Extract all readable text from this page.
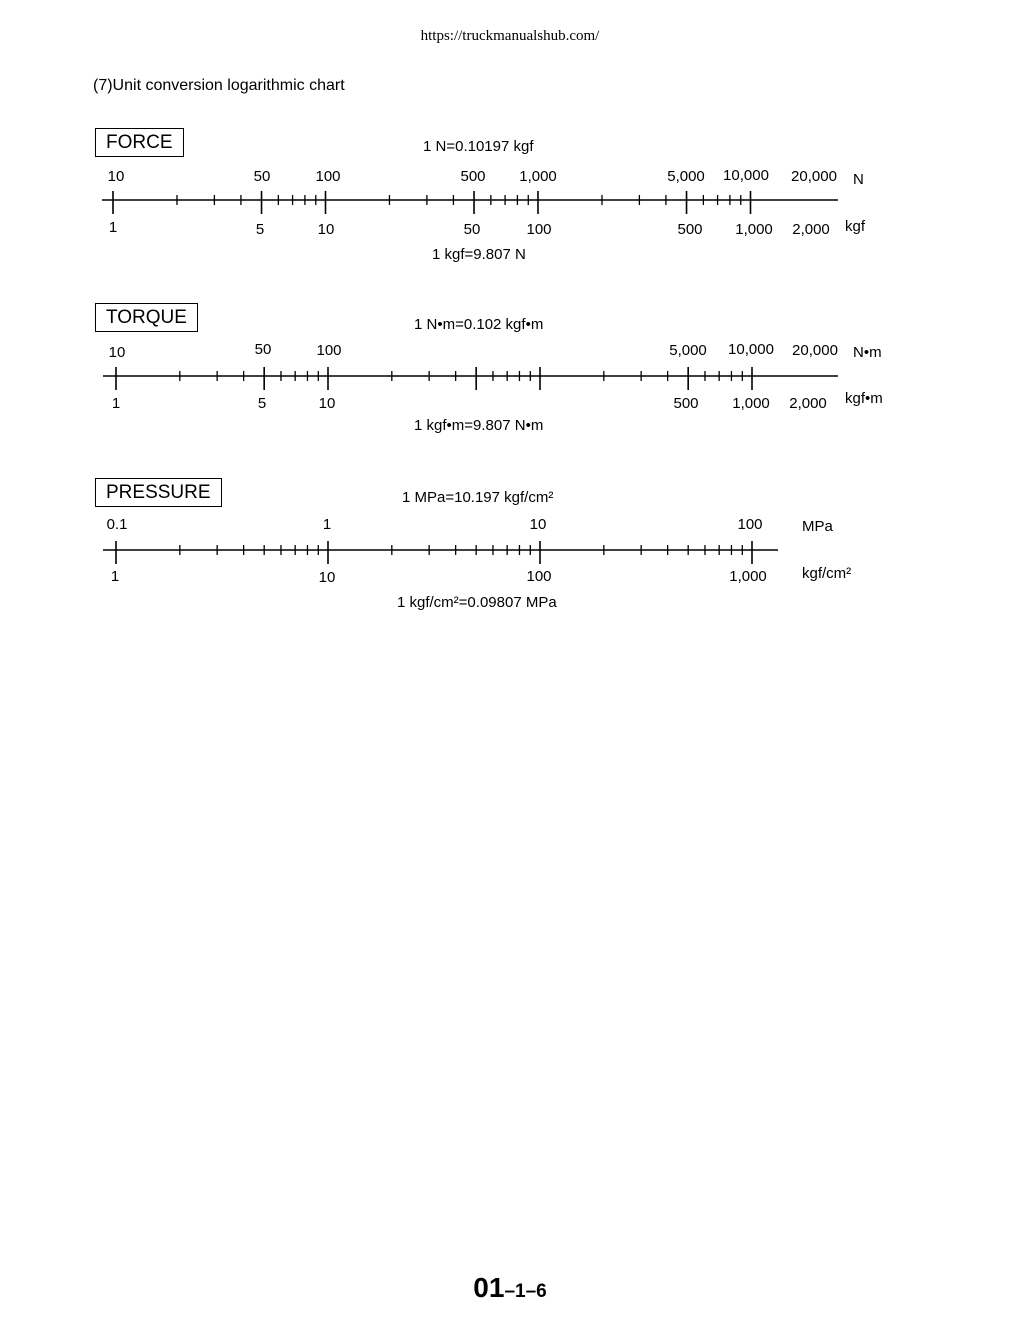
https://truckmanualshub.com/
(7)Unit conversion logarithmic chart
FORCE	1 N=0.10197 kgf
1 kgf=9.807 N
N
kgf
10	50	100	500 1,000	5,000 10,000 20,000
1	5	10	50	100	500 1,000 2,000
TORQUE	1 N•m=0.102 kgf•m
1 kgf•m=9.807 N•m
N•m
kgf•m
10	50	100	5,000 10,000 20,000
1	5	10	500 1,000 2,000
PRESSURE	1 MPa=10.197 kgf/cm²
1 kgf/cm²=0.09807 MPa
MPa
kgf/cm²
0.1	1	10	100
1	10	100	1,000
01–1–6
